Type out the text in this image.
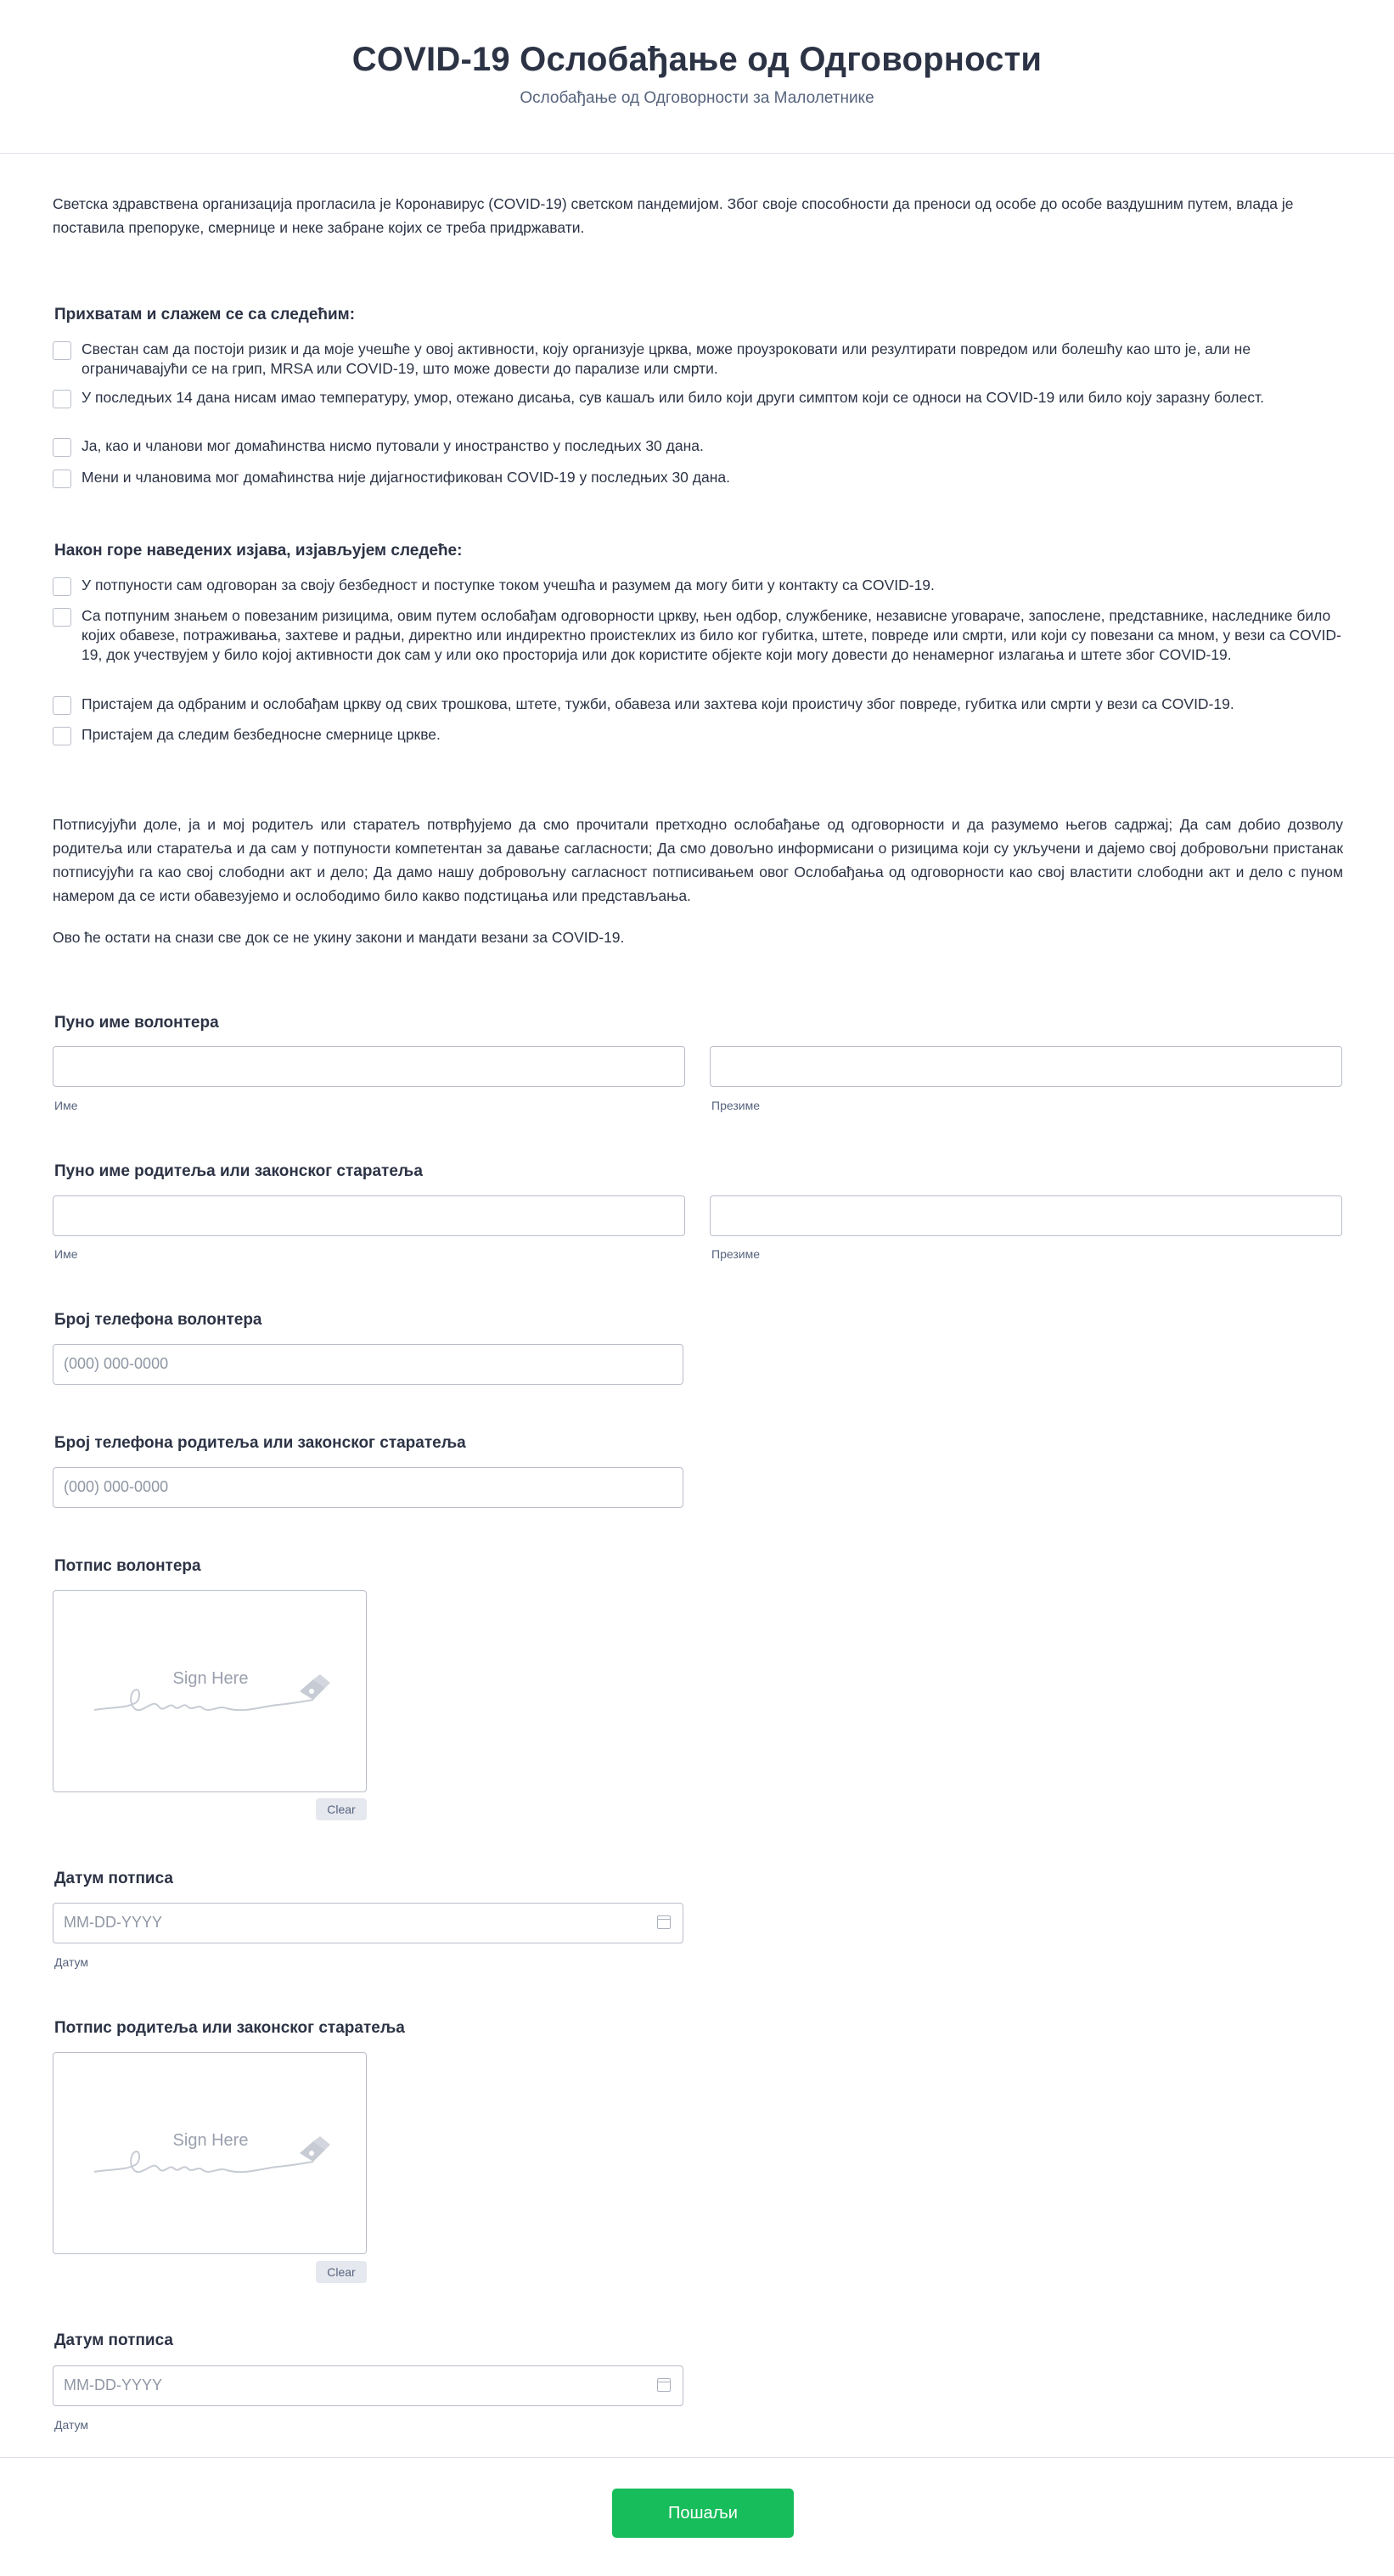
COVID-19 Ослобађање од Одговорности
Ослобађање од Одговорности за Малолетнике
Светска здравствена организација прогласила је Коронавирус (COVID-19) светском пандемијом. Због своје способности да преноси од особе до особе ваздушним путем, влада је поставила препоруке, смернице и неке забране којих се треба придржавати.
Прихватам и слажем се са следећим:
Свестан сам да постоји ризик и да моје учешће у овој активности, коју организује црква, може проузроковати или резултирати повредом или болешћу као што је, али не ограничавајући се на грип, MRSA или COVID-19, што може довести до парализе или смрти.
У последњих 14 дана нисам имао температуру, умор, отежано дисања, сув кашаљ или било који други симптом који се односи на COVID-19 или било коју заразну болест.
Ја, као и чланови мог домаћинства нисмо путовали у иностранство у последњих 30 дана.
Мени и члановима мог домаћинства није дијагностификован COVID-19 у последњих 30 дана.
Након горе наведених изјава, изјављујем следеће:
У потпуности сам одговоран за своју безбедност и поступке током учешћа и разумем да могу бити у контакту са COVID-19.
Са потпуним знањем о повезаним ризицима, овим путем ослобађам одговорности цркву, њен одбор, службенике, независне уговараче, запослене, представнике, наследнике било којих обавезе, потраживања, захтеве и радњи, директно или индиректно проистеклих из било ког губитка, штете, повреде или смрти, или који су повезани са мном, у вези са COVID-19, док учествујем у било којој активности док сам у или око просторија или док користите објекте који могу довести до ненамерног излагања и штете због COVID-19.
Пристајем да одбраним и ослобађам цркву од свих трошкова, штете, тужби, обавеза или захтева који проистичу због повреде, губитка или смрти у вези са COVID-19.
Пристајем да следим безбедносне смернице цркве.
Потписујући доле, ја и мој родитељ или старатељ потврђујемо да смо прочитали претходно ослобађање од одговорности и да разумемо његов садржај; Да сам добио дозволу родитеља или старатеља и да сам у потпуности компетентан за давање сагласности; Да смо довољно информисани о ризицима који су укључени и дајемо свој добровољни пристанак потписујући га као свој слободни акт и дело; Да дамо нашу добровољну сагласност потписивањем овог Ослобађања од одговорности као свој властити слободни акт и дело с пуном намером да се исти обавезујемо и ослободимо било какво подстицања или представљања.
Ово ће остати на снази све док се не укину закони и мандати везани за COVID-19.
Пуно име волонтера
Име	Презиме
Пуно име родитеља или законског старатеља
Име	Презиме
Број телефона волонтера
(000) 000-0000
Број телефона родитеља или законског старатеља
(000) 000-0000
Потпис волонтера
Sign Here
Clear
Датум потписа
MM-DD-YYYY
Датум
Потпис родитеља или законског старатеља
Sign Here
Clear
Датум потписа
MM-DD-YYYY
Датум
Пошаљи
